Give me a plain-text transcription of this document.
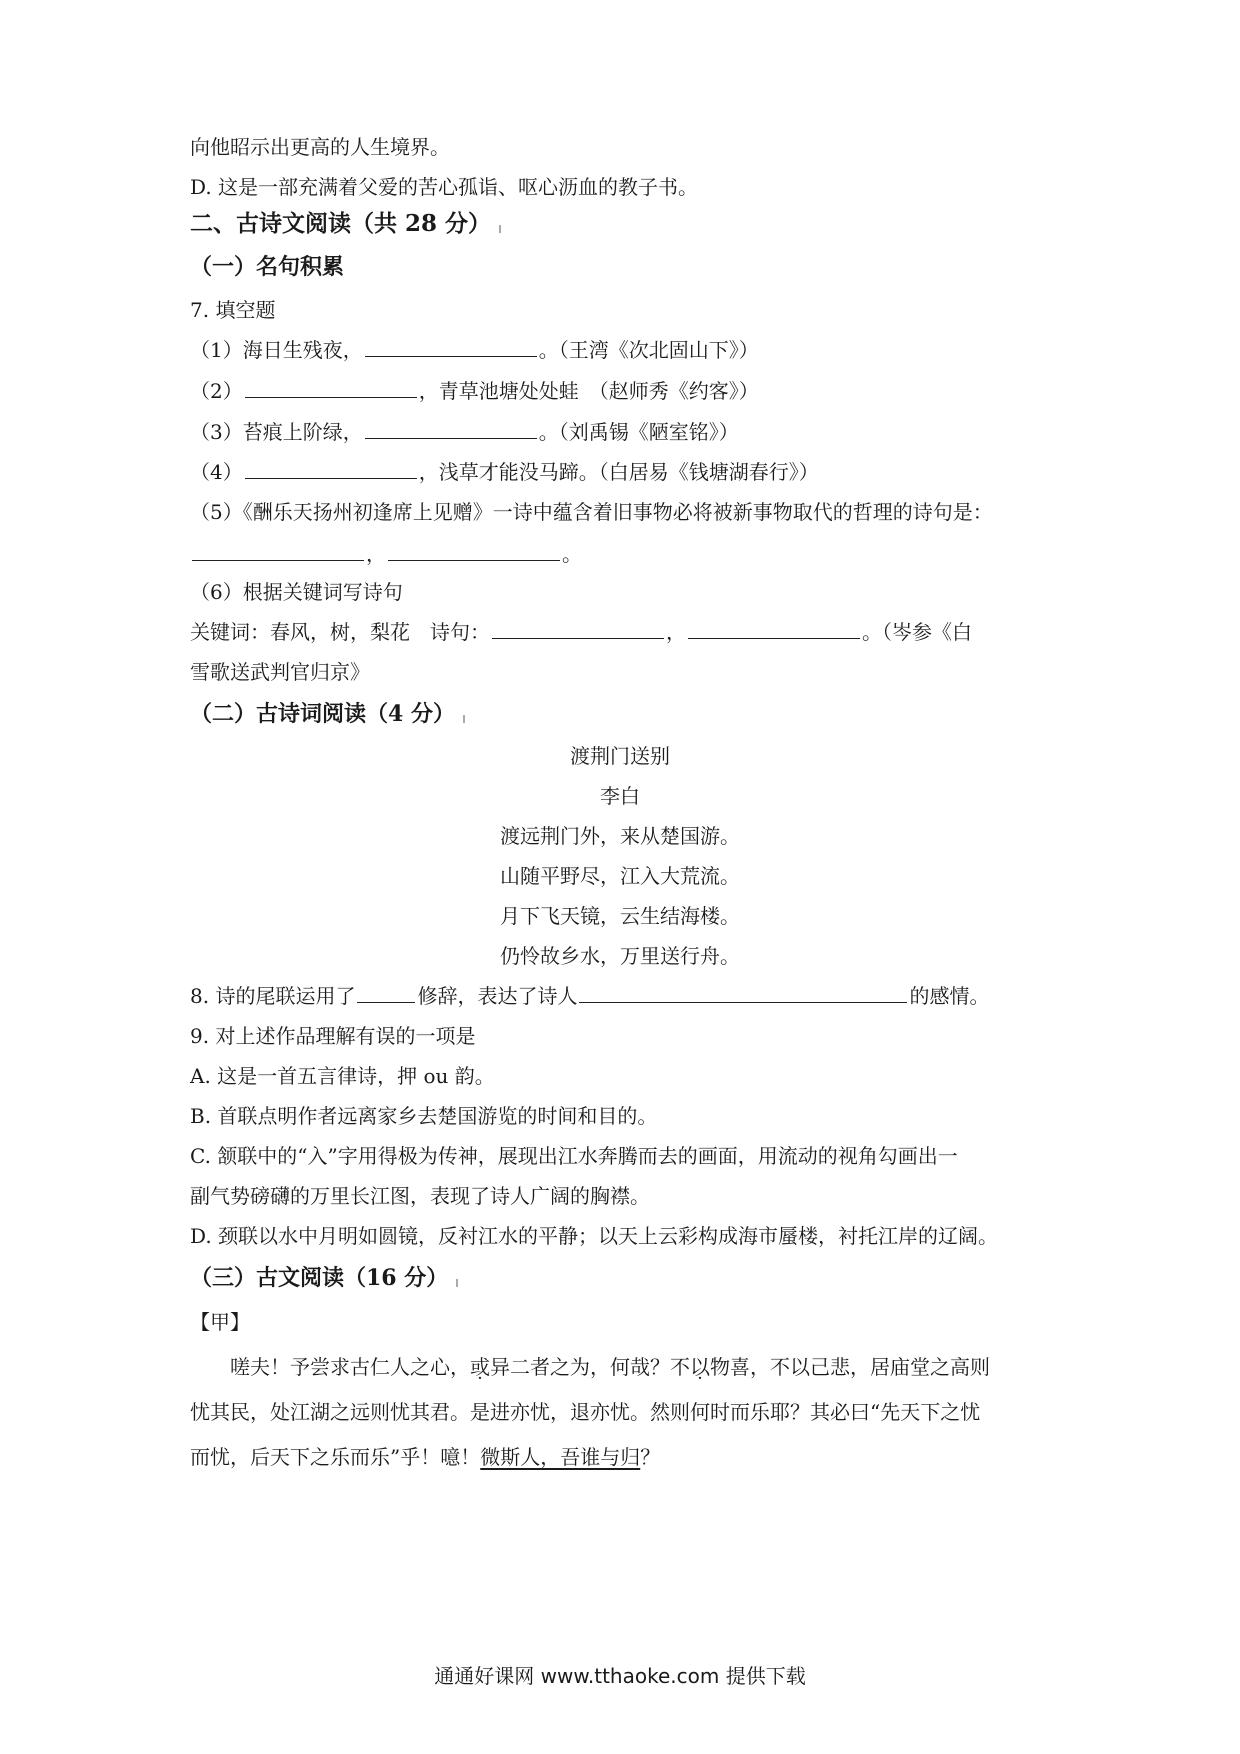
向他昭示出更高的人生境界。
D. 这是一部充满着父爱的苦心孤诣、呕心沥血的教子书。
二、古诗文阅读（共 28 分）
（一）名句积累
7. 填空题
（1）海日生残夜，	。（王湾《次北固山下》）
（2）	，青草池塘处处蛙　（赵师秀《约客》）
（3）苔痕上阶绿，	。（刘禹锡《陋室铭》）
（4）	，浅草才能没马蹄。（白居易《钱塘湖春行》）
（5）《酬乐天扬州初逢席上见赠》一诗中蕴含着旧事物必将被新事物取代的哲理的诗句是：
，	。
（6）根据关键词写诗句
关键词：春风，树，梨花　诗句：	，	。（岑参《白
雪歌送武判官归京》
（二）古诗词阅读（4 分）
渡荆门送别
李白
渡远荆门外，来从楚国游。
山随平野尽，江入大荒流。
月下飞天镜，云生结海楼。
仍怜故乡水，万里送行舟。
8. 诗的尾联运用了	修辞，表达了诗人	的感情。
9. 对上述作品理解有误的一项是
A. 这是一首五言律诗，押 ou 韵。
B. 首联点明作者远离家乡去楚国游览的时间和目的。
C. 颔联中的“入”字用得极为传神，展现出江水奔腾而去的画面，用流动的视角勾画出一
副气势磅礴的万里长江图，表现了诗人广阔的胸襟。
D. 颈联以水中月明如圆镜，反衬江水的平静；以天上云彩构成海市蜃楼，衬托江岸的辽阔。
（三）古文阅读（16 分）
【甲】
嗟夫！予尝求古仁人之心，或异二者之为，何哉？不以物喜，不以己悲，居庙堂之高则
忧其民，处江湖之远则忧其君。是进亦忧，退亦忧。然则何时而乐耶？其必曰“先天下之忧
而忧，后天下之乐而乐”乎！噫！微斯人，吾谁与归？
通通好课网 www.tthaoke.com 提供下载
